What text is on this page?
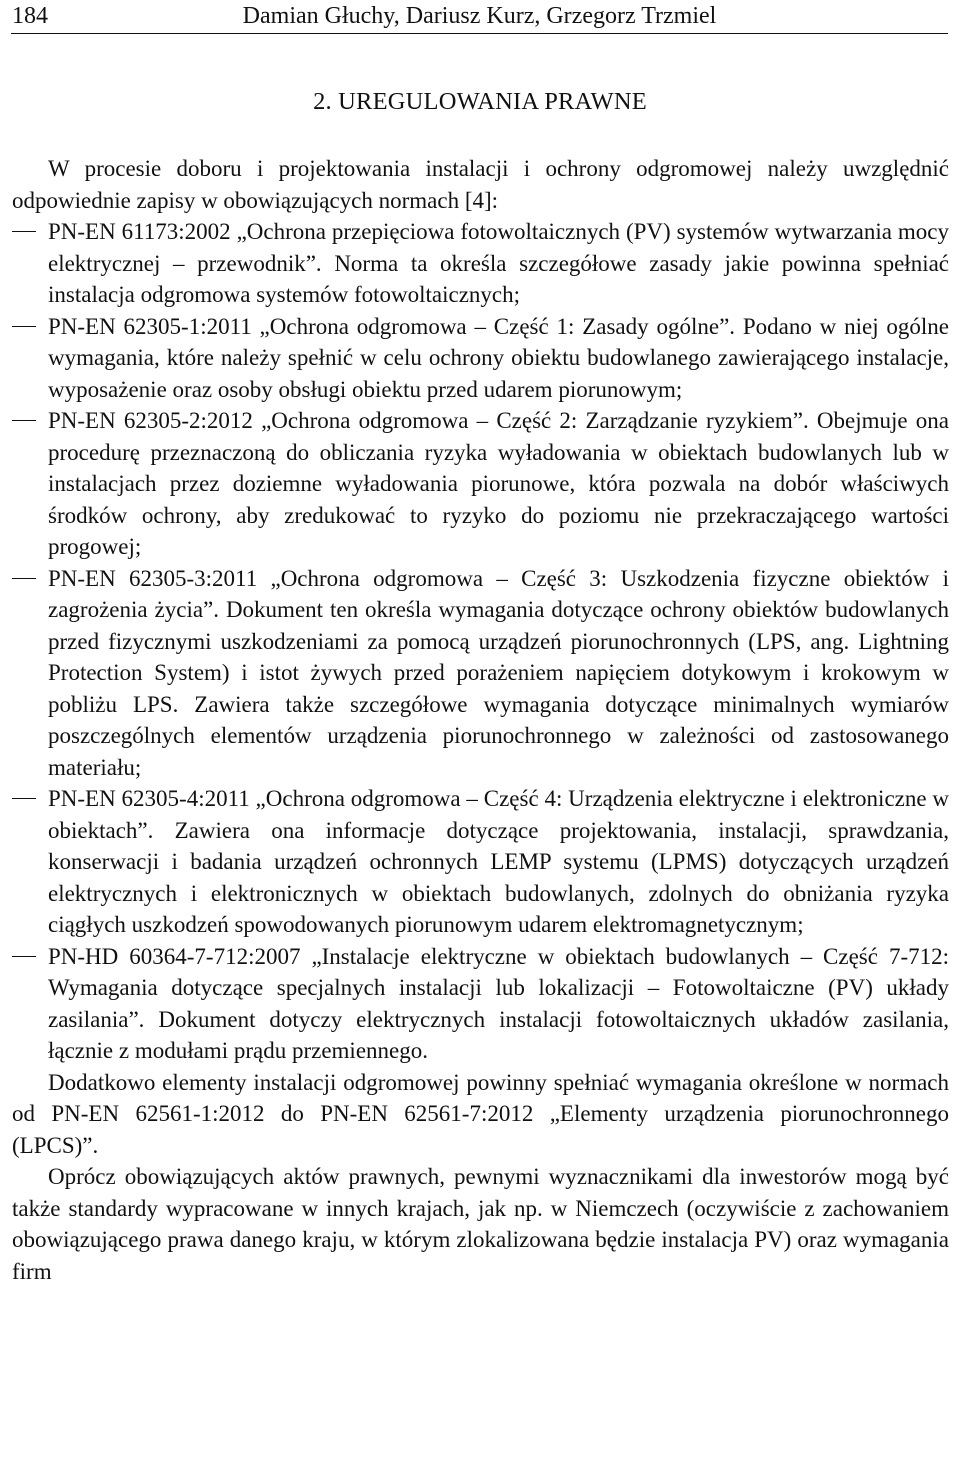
184	Damian Głuchy, Dariusz Kurz, Grzegorz Trzmiel
2. UREGULOWANIA PRAWNE

W procesie doboru i projektowania instalacji i ochrony odgromowej należy uwzględnić odpowiednie zapisy w obowiązujących normach [4]:

PN-EN 61173:2002 „Ochrona przepięciowa fotowoltaicznych (PV) systemów wytwarzania mocy elektrycznej – przewodnik”. Norma ta określa szczegółowe zasady jakie powinna spełniać instalacja odgromowa systemów fotowoltaicznych;
PN-EN 62305-1:2011 „Ochrona odgromowa – Część 1: Zasady ogólne”. Podano w niej ogólne wymagania, które należy spełnić w celu ochrony obiektu budowlanego zawierającego instalacje, wyposażenie oraz osoby obsługi obiektu przed udarem piorunowym;
PN-EN 62305-2:2012 „Ochrona odgromowa – Część 2: Zarządzanie ryzykiem”. Obejmuje ona procedurę przeznaczoną do obliczania ryzyka wyładowania w obiektach budowlanych lub w instalacjach przez doziemne wyładowania piorunowe, która pozwala na dobór właściwych środków ochrony, aby zredukować to ryzyko do poziomu nie przekraczającego wartości progowej;
PN-EN 62305-3:2011 „Ochrona odgromowa – Część 3: Uszkodzenia fizyczne obiektów i zagrożenia życia”. Dokument ten określa wymagania dotyczące ochrony obiektów budowlanych przed fizycznymi uszkodzeniami za pomocą urządzeń piorunochronnych (LPS, ang. Lightning Protection System) i istot żywych przed porażeniem napięciem dotykowym i krokowym w pobliżu LPS. Zawiera także szczegółowe wymagania dotyczące minimalnych wymiarów poszczególnych elementów urządzenia piorunochronnego w zależności od zastosowanego materiału;
PN-EN 62305-4:2011 „Ochrona odgromowa – Część 4: Urządzenia elektryczne i elektroniczne w obiektach”. Zawiera ona informacje dotyczące projektowania, instalacji, sprawdzania, konserwacji i badania urządzeń ochronnych LEMP systemu (LPMS) dotyczących urządzeń elektrycznych i elektronicznych w obiektach budowlanych, zdolnych do obniżania ryzyka ciągłych uszkodzeń spowodowanych piorunowym udarem elektromagnetycznym;
PN-HD 60364-7-712:2007 „Instalacje elektryczne w obiektach budowlanych – Część 7-712: Wymagania dotyczące specjalnych instalacji lub lokalizacji – Fotowoltaiczne (PV) układy zasilania”. Dokument dotyczy elektrycznych instalacji fotowoltaicznych układów zasilania, łącznie z modułami prądu przemiennego.

Dodatkowo elementy instalacji odgromowej powinny spełniać wymagania określone w normach od PN-EN 62561-1:2012 do PN-EN 62561-7:2012 „Elementy urządzenia piorunochronnego (LPCS)”.

Oprócz obowiązujących aktów prawnych, pewnymi wyznacznikami dla inwestorów mogą być także standardy wypracowane w innych krajach, jak np. w Niemczech (oczywiście z zachowaniem obowiązującego prawa danego kraju, w którym zlokalizowana będzie instalacja PV) oraz wymagania firm
